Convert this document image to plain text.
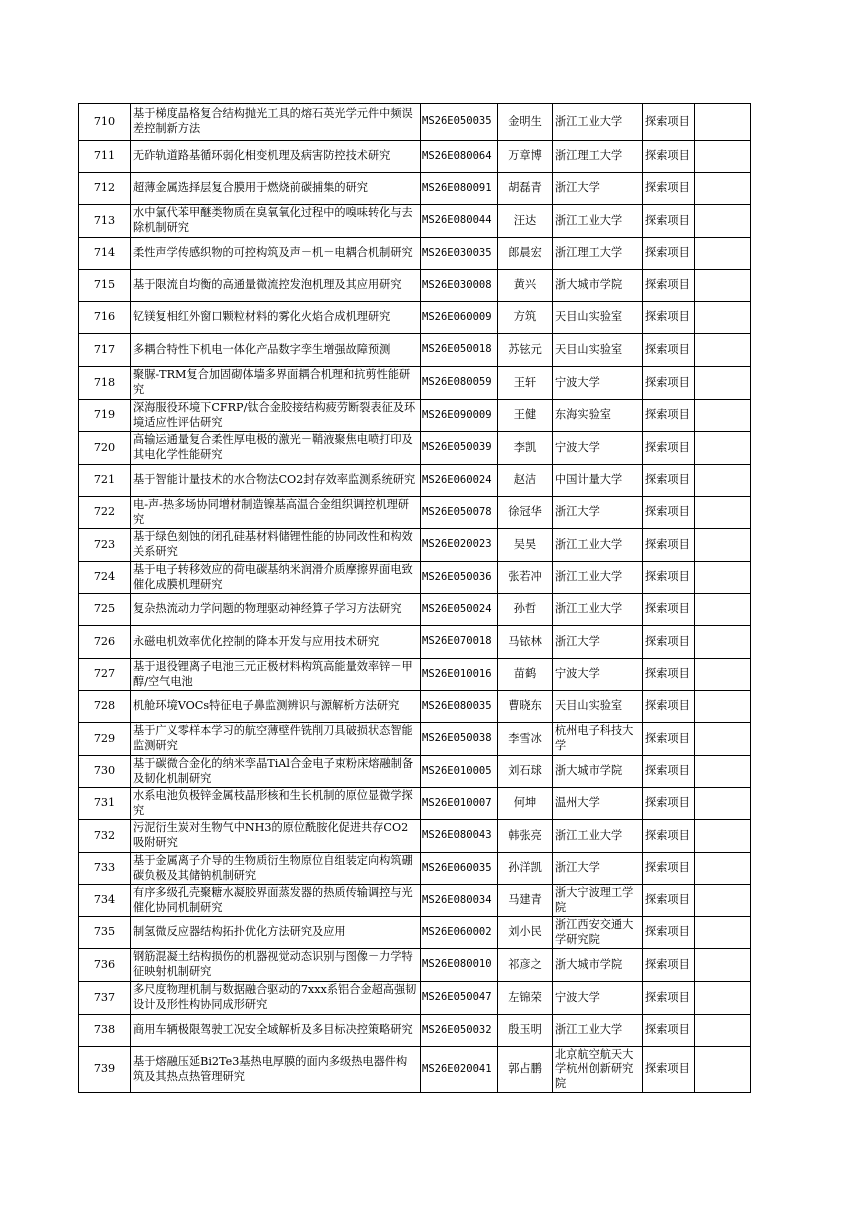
710	基于梯度晶格复合结构抛光工具的熔石英光学元件中频误差控制新方法	MS26E050035	金明生	浙江工业大学	探索项目	
711	无砟轨道路基循环弱化相变机理及病害防控技术研究	MS26E080064	万章博	浙江理工大学	探索项目	
712	超薄金属选择层复合膜用于燃烧前碳捕集的研究	MS26E080091	胡磊青	浙江大学	探索项目	
713	水中氯代苯甲醚类物质在臭氧氧化过程中的嗅味转化与去除机制研究	MS26E080044	汪达	浙江工业大学	探索项目	
714	柔性声学传感织物的可控构筑及声－机－电耦合机制研究	MS26E030035	郎晨宏	浙江理工大学	探索项目	
715	基于限流自均衡的高通量微流控发泡机理及其应用研究	MS26E030008	黄兴	浙大城市学院	探索项目	
716	钇镁复相红外窗口颗粒材料的雾化火焰合成机理研究	MS26E060009	方筑	天目山实验室	探索项目	
717	多耦合特性下机电一体化产品数字孪生增强故障预测	MS26E050018	苏铉元	天目山实验室	探索项目	
718	聚脲-TRM复合加固砌体墙多界面耦合机理和抗剪性能研究	MS26E080059	王轩	宁波大学	探索项目	
719	深海服役环境下CFRP/钛合金胶接结构疲劳断裂表征及环境适应性评估研究	MS26E090009	王健	东海实验室	探索项目	
720	高输运通量复合柔性厚电极的激光－鞘液聚焦电喷打印及其电化学性能研究	MS26E050039	李凯	宁波大学	探索项目	
721	基于智能计量技术的水合物法CO2封存效率监测系统研究	MS26E060024	赵洁	中国计量大学	探索项目	
722	电-声-热多场协同增材制造镍基高温合金组织调控机理研究	MS26E050078	徐冠华	浙江大学	探索项目	
723	基于绿色刻蚀的闭孔硅基材料储锂性能的协同改性和构效关系研究	MS26E020023	吴昊	浙江工业大学	探索项目	
724	基于电子转移效应的荷电碳基纳米润滑介质摩擦界面电致催化成膜机理研究	MS26E050036	张若冲	浙江工业大学	探索项目	
725	复杂热流动力学问题的物理驱动神经算子学习方法研究	MS26E050024	孙哲	浙江工业大学	探索项目	
726	永磁电机效率优化控制的降本开发与应用技术研究	MS26E070018	马铱林	浙江大学	探索项目	
727	基于退役锂离子电池三元正极材料构筑高能量效率锌－甲醇/空气电池	MS26E010016	苗鹤	宁波大学	探索项目	
728	机舱环境VOCs特征电子鼻监测辨识与源解析方法研究	MS26E080035	曹晓东	天目山实验室	探索项目	
729	基于广义零样本学习的航空薄壁件铣削刀具破损状态智能监测研究	MS26E050038	李雪冰	杭州电子科技大学	探索项目	
730	基于碳微合金化的纳米孪晶TiAl合金电子束粉床熔融制备及韧化机制研究	MS26E010005	刘石球	浙大城市学院	探索项目	
731	水系电池负极锌金属枝晶形核和生长机制的原位显微学探究	MS26E010007	何坤	温州大学	探索项目	
732	污泥衍生炭对生物气中NH3的原位酰胺化促进共存CO2吸附研究	MS26E080043	韩张亮	浙江工业大学	探索项目	
733	基于金属离子介导的生物质衍生物原位自组装定向构筑硼碳负极及其储钠机制研究	MS26E060035	孙洋凯	浙江大学	探索项目	
734	有序多级孔壳聚糖水凝胶界面蒸发器的热质传输调控与光催化协同机制研究	MS26E080034	马建青	浙大宁波理工学院	探索项目	
735	制氢微反应器结构拓扑优化方法研究及应用	MS26E060002	刘小民	浙江西安交通大学研究院	探索项目	
736	钢筋混凝土结构损伤的机器视觉动态识别与图像－力学特征映射机制研究	MS26E080010	祁彦之	浙大城市学院	探索项目	
737	多尺度物理机制与数据融合驱动的7xxx系铝合金超高强韧设计及形性构协同成形研究	MS26E050047	左锦荣	宁波大学	探索项目	
738	商用车辆极限驾驶工况安全域解析及多目标决控策略研究	MS26E050032	殷玉明	浙江工业大学	探索项目	
739	基于熔融压延Bi2Te3基热电厚膜的面内多级热电器件构筑及其热点热管理研究	MS26E020041	郭占鹏	北京航空航天大学杭州创新研究院	探索项目	
